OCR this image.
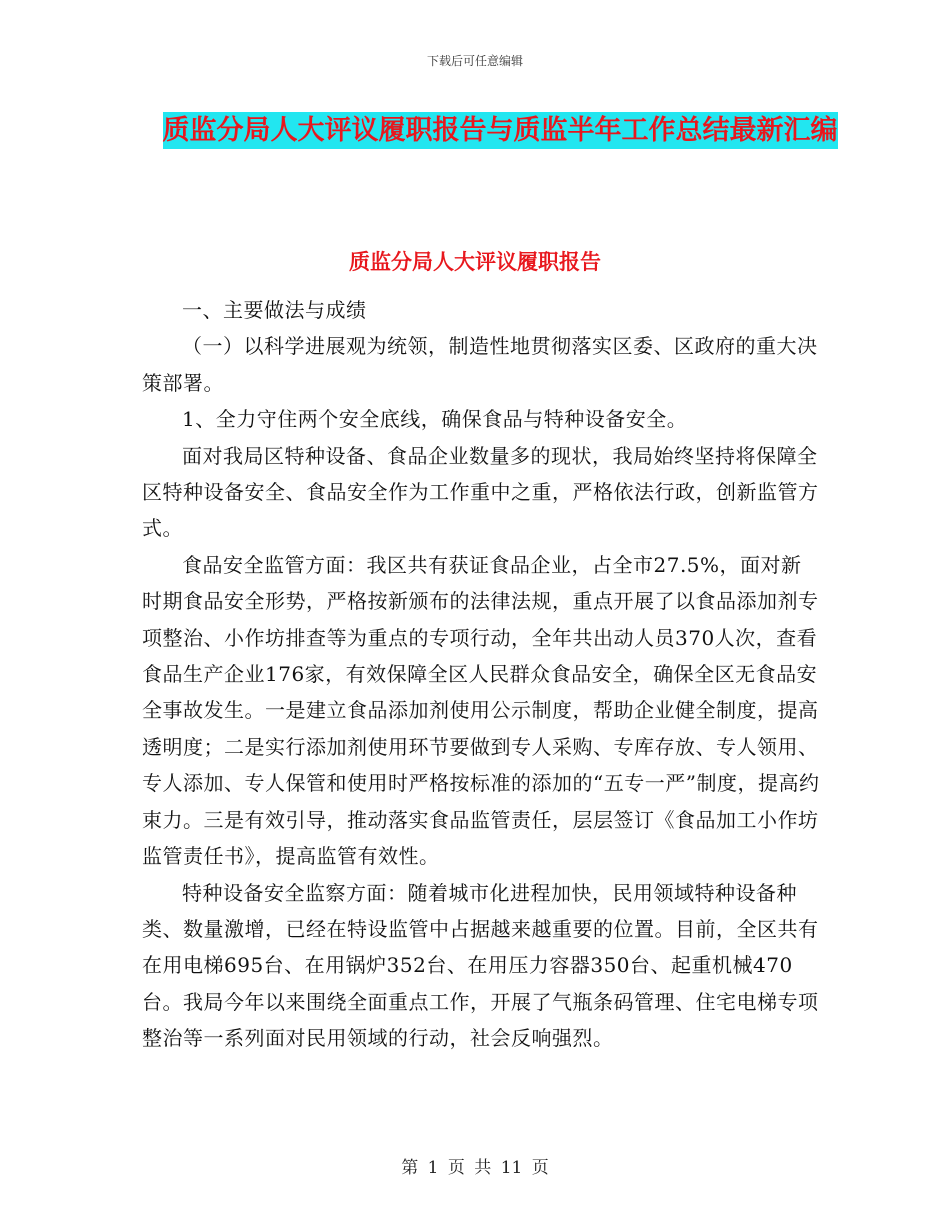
下载后可任意编辑
质监分局人大评议履职报告与质监半年工作总结最新汇编
质监分局人大评议履职报告

一、主要做法与成绩

（一）以科学进展观为统领，制造性地贯彻落实区委、区政府的重大决策部署。

1、全力守住两个安全底线，确保食品与特种设备安全。

面对我局区特种设备、食品企业数量多的现状，我局始终坚持将保障全区特种设备安全、食品安全作为工作重中之重，严格依法行政，创新监管方式。

食品安全监管方面：我区共有获证食品企业，占全市27.5%，面对新时期食品安全形势，严格按新颁布的法律法规，重点开展了以食品添加剂专项整治、小作坊排查等为重点的专项行动，全年共出动人员370人次，查看食品生产企业176家，有效保障全区人民群众食品安全，确保全区无食品安全事故发生。一是建立食品添加剂使用公示制度，帮助企业健全制度，提高透明度；二是实行添加剂使用环节要做到专人采购、专库存放、专人领用、专人添加、专人保管和使用时严格按标准的添加的“五专一严”制度，提高约束力。三是有效引导，推动落实食品监管责任，层层签订《食品加工小作坊监管责任书》，提高监管有效性。

特种设备安全监察方面：随着城市化进程加快，民用领域特种设备种类、数量激增，已经在特设监管中占据越来越重要的位置。目前，全区共有在用电梯695台、在用锅炉352台、在用压力容器350台、起重机械470台。我局今年以来围绕全面重点工作，开展了气瓶条码管理、住宅电梯专项整治等一系列面对民用领域的行动，社会反响强烈。

第 1 页 共 11 页
